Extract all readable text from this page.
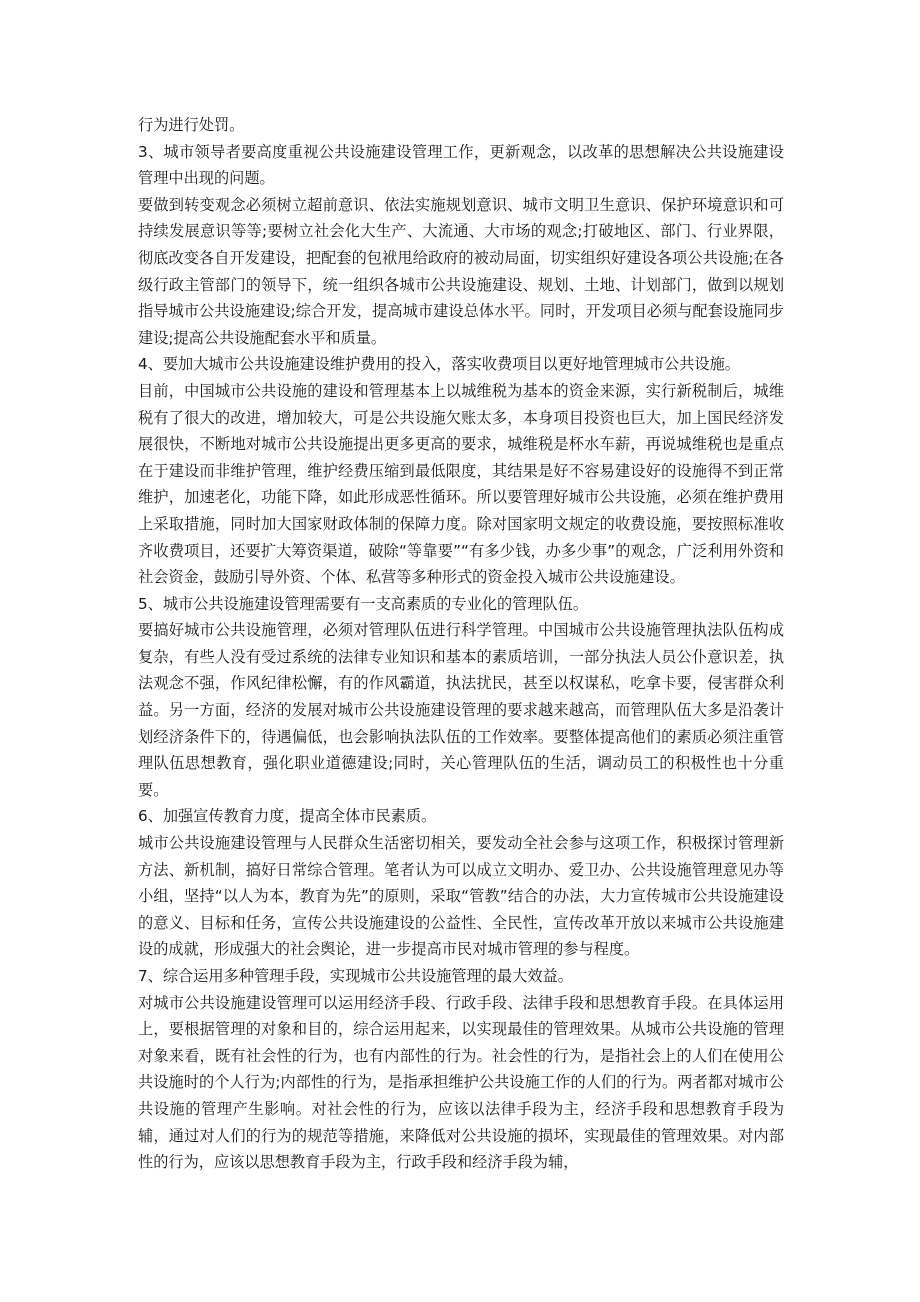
行为进行处罚。

3、城市领导者要高度重视公共设施建设管理工作，更新观念，以改革的思想解决公共设施建设管理中出现的问题。

要做到转变观念必须树立超前意识、依法实施规划意识、城市文明卫生意识、保护环境意识和可持续发展意识等等;要树立社会化大生产、大流通、大市场的观念;打破地区、部门、行业界限，彻底改变各自开发建设，把配套的包袱甩给政府的被动局面，切实组织好建设各项公共设施;在各级行政主管部门的领导下，统一组织各城市公共设施建设、规划、土地、计划部门，做到以规划指导城市公共设施建设;综合开发，提高城市建设总体水平。同时，开发项目必须与配套设施同步建设;提高公共设施配套水平和质量。

4、要加大城市公共设施建设维护费用的投入，落实收费项目以更好地管理城市公共设施。

目前，中国城市公共设施的建设和管理基本上以城维税为基本的资金来源，实行新税制后，城维税有了很大的改进，增加较大，可是公共设施欠账太多，本身项目投资也巨大，加上国民经济发展很快，不断地对城市公共设施提出更多更高的要求，城维税是杯水车薪，再说城维税也是重点在于建设而非维护管理，维护经费压缩到最低限度，其结果是好不容易建设好的设施得不到正常维护，加速老化，功能下降，如此形成恶性循环。所以要管理好城市公共设施，必须在维护费用上采取措施，同时加大国家财政体制的保障力度。除对国家明文规定的收费设施，要按照标准收齐收费项目，还要扩大筹资渠道，破除“等靠要”“有多少钱，办多少事”的观念，广泛利用外资和社会资金，鼓励引导外资、个体、私营等多种形式的资金投入城市公共设施建设。

5、城市公共设施建设管理需要有一支高素质的专业化的管理队伍。

要搞好城市公共设施管理，必须对管理队伍进行科学管理。中国城市公共设施管理执法队伍构成复杂，有些人没有受过系统的法律专业知识和基本的素质培训，一部分执法人员公仆意识差，执法观念不强，作风纪律松懈，有的作风霸道，执法扰民，甚至以权谋私，吃拿卡要，侵害群众利益。另一方面，经济的发展对城市公共设施建设管理的要求越来越高，而管理队伍大多是沿袭计划经济条件下的，待遇偏低，也会影响执法队伍的工作效率。要整体提高他们的素质必须注重管理队伍思想教育，强化职业道德建设;同时，关心管理队伍的生活，调动员工的积极性也十分重要。

6、加强宣传教育力度，提高全体市民素质。

城市公共设施建设管理与人民群众生活密切相关，要发动全社会参与这项工作，积极探讨管理新方法、新机制，搞好日常综合管理。笔者认为可以成立文明办、爱卫办、公共设施管理意见办等小组，坚持“以人为本，教育为先”的原则，采取“管教”结合的办法，大力宣传城市公共设施建设的意义、目标和任务，宣传公共设施建设的公益性、全民性，宣传改革开放以来城市公共设施建设的成就，形成强大的社会舆论，进一步提高市民对城市管理的参与程度。

7、综合运用多种管理手段，实现城市公共设施管理的最大效益。

对城市公共设施建设管理可以运用经济手段、行政手段、法律手段和思想教育手段。在具体运用上，要根据管理的对象和目的，综合运用起来，以实现最佳的管理效果。从城市公共设施的管理对象来看，既有社会性的行为，也有内部性的行为。社会性的行为，是指社会上的人们在使用公共设施时的个人行为;内部性的行为，是指承担维护公共设施工作的人们的行为。两者都对城市公共设施的管理产生影响。对社会性的行为，应该以法律手段为主，经济手段和思想教育手段为辅，通过对人们的行为的规范等措施，来降低对公共设施的损坏，实现最佳的管理效果。对内部性的行为，应该以思想教育手段为主，行政手段和经济手段为辅，
